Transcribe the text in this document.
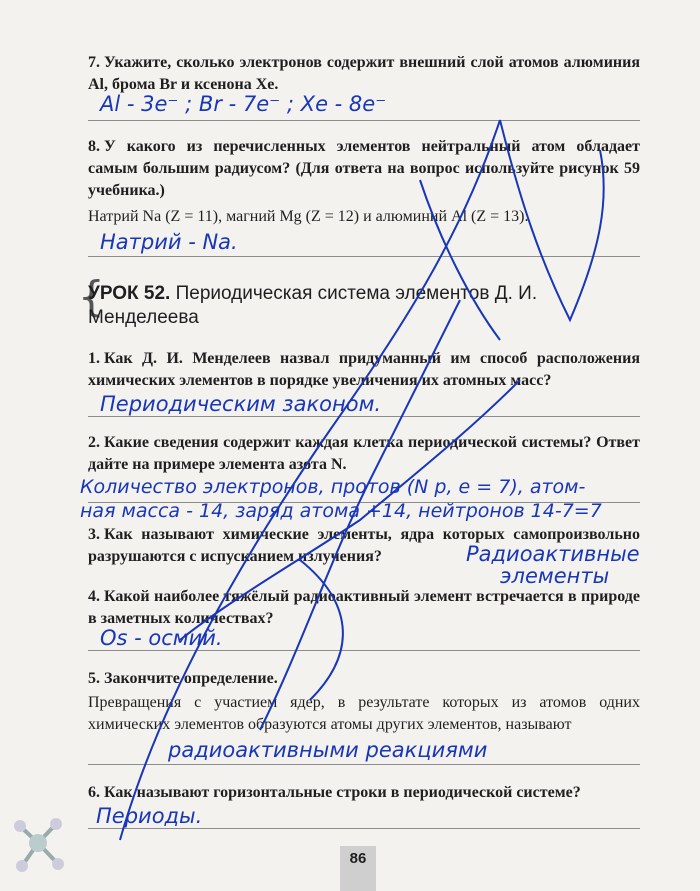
7. Укажите, сколько электронов содержит внешний слой атомов алюминия Al, брома Br и ксенона Xe.
Al - 3e⁻ ; Br - 7e⁻ ; Xe - 8e⁻
8. У какого из перечисленных элементов нейтральный атом обладает самым большим радиусом? (Для ответа на вопрос используйте рисунок 59 учебника.)
Натрий Na (Z = 11), магний Mg (Z = 12) и алюминий Al (Z = 13).
Натрий - Na.
{
УРОК 52. Периодическая система элементов Д. И. Менделеева
1. Как Д. И. Менделеев назвал придуманный им способ расположения химических элементов в порядке увеличения их атомных масс?
Периодическим законом.
2. Какие сведения содержит каждая клетка периодической системы? Ответ дайте на примере элемента азота N.
Количество электронов, протов (N p, e = 7), атом-
ная масса - 14, заряд атома +14, нейтронов 14-7=7
3. Как называют химические элементы, ядра которых самопроизвольно разрушаются с испусканием излучения?	Радиоактивные
элементы
4. Какой наиболее тяжёлый радиоактивный элемент встречается в природе в заметных количествах?
Os - осмий.
5. Закончите определение.
Превращения с участием ядер, в результате которых из атомов одних химических элементов образуются атомы других элементов, называют
радиоактивными реакциями
6. Как называют горизонтальные строки в периодической системе?
Периоды.
86
